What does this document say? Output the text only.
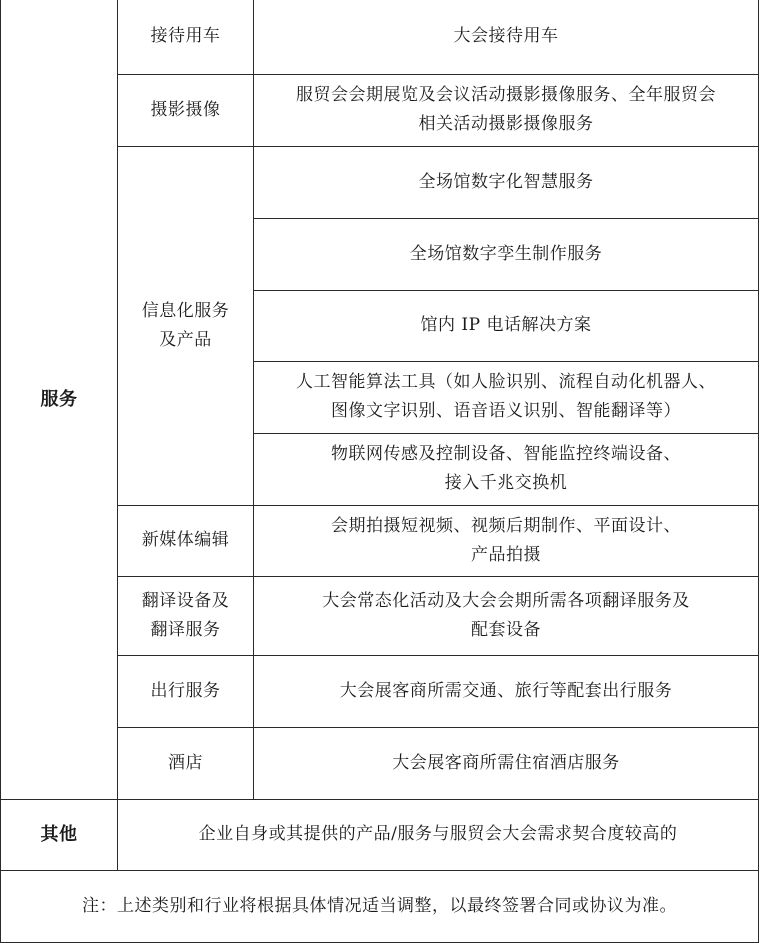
服务	接待用车	大会接待用车

	摄影摄像	服贸会会期展览及会议活动摄影摄像服务、全年服贸会
相关活动摄影摄像服务

	信息化服务
及产品	全场馆数字化智慧服务

		全场馆数字孪生制作服务

		馆内 IP 电话解决方案

		人工智能算法工具（如人脸识别、流程自动化机器人、
图像文字识别、语音语义识别、智能翻译等）

		物联网传感及控制设备、智能监控终端设备、
接入千兆交换机

	新媒体编辑	会期拍摄短视频、视频后期制作、平面设计、
产品拍摄

	翻译设备及
翻译服务	大会常态化活动及大会会期所需各项翻译服务及
配套设备

	出行服务	大会展客商所需交通、旅行等配套出行服务

	酒店	大会展客商所需住宿酒店服务

其他	企业自身或其提供的产品/服务与服贸会大会需求契合度较高的	

注：上述类别和行业将根据具体情况适当调整，以最终签署合同或协议为准。		
